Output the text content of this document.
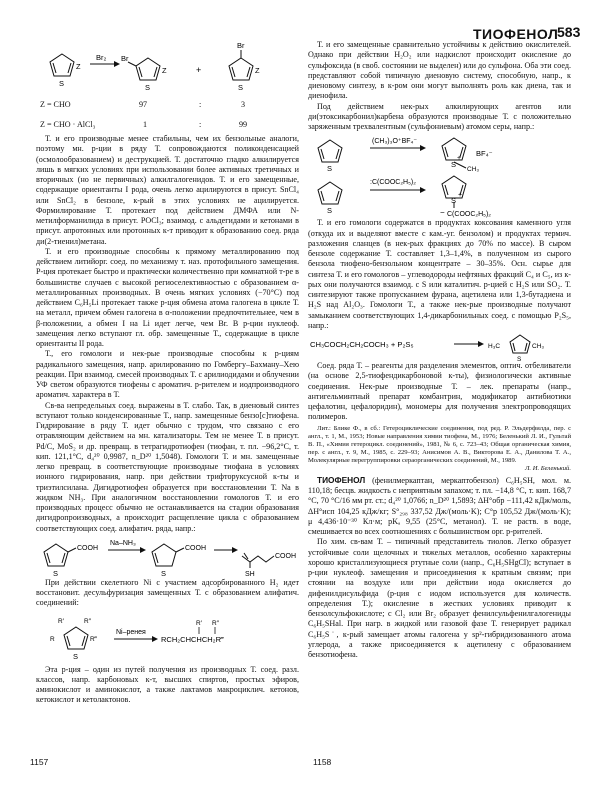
ТИОФЕНОЛ
583
S
Z
Br₂ Br
S
Z	+
Br
S
Z
Z = CHO	97	:	3
Z = CHO · AlCl₃	1	:	99

Т. и его производные менее стабильны, чем их бензольные аналоги, поэтому мн. р-ции в ряду Т. сопровождаются поликонденсацией (осмолообразованием) и деструкцией. Т. достаточно гладко алкилируется лишь в мягких условиях при использовании более активных третичных и вторичных (но не первичных) алкилгалогенидов. Т. и его замещенные, содержащие ориентанты I рода, очень легко ацилируются в присут. SnCl₄ или SnCl₂ в бензоле, к-рый в этих условиях не ацилируется. Формилирование Т. протекает под действием ДМФА или N-метилформанилида в присут. POCl₃; взаимод. с альдегидами и кетонами в присут. апротонных или протонных к-т приводит к образованию соед. ряда ди(2-тиенил)метана.

Т. и его производные способны к прямому металлированию под действием литийорг. соед. по механизму т. наз. протофильного замещения. Р-ция протекает быстро и практически количественно при комнатной т-ре в большинстве случаев с высокой региоселективностью с образованием α-металлированных производных. В очень мягких условиях (−70°C) под действием C₆H₅Li протекает также р-ция обмена атома галогена в цикле Т. на металл, причем обмен галогена в α-положении предпочтительнее, чем в β-положении, а обмен I на Li идет легче, чем Br. В р-ции нуклеоф. замещения легко вступают гл. обр. замещенные Т., содержащие в цикле ориентанты II рода.

Т., его гомологи и нек-рые производные способны к р-циям радикального замещения, напр. арилированию по Гомбергу–Бахману–Хею реакции. При взаимод. смесей производных Т. с арилиодидами и облучении УФ светом образуются тиофены с ароматич. р-рителем и иодпроизводного ароматич. характера в Т.

Св-ва непредельных соед. выражены в Т. слабо. Так, в диеновый синтез вступают только конденсированные Т., напр. замещенные бензо[c]тиофена. Гидрирование в ряду Т. идет обычно с трудом, что связано с его отравляющим действием на мн. катализаторы. Тем не менее Т. в присут. Pd/C, MoS₂ и др. превращ. в тетрагидротиофен (тиофан, т. пл. −96,2°C, т. кип. 121,1°C, d₄²⁰ 0,9987, n_D²⁰ 1,5048). Гомологи Т. и мн. замещенные легко превращ. в соответствующие производные тиофана в условиях ионного гидрирования, напр. при действии трифторуксусной к-ты и триэтилсилана. Дигидротиофен образуется при восстановлении Т. Na в жидком NH₃. При аналогичном восстановлении гомологов Т. и его производных процесс обычно не останавливается на стадии образования дигидропроизводных, а происходит расщепление цикла с образованием соответствующих соед. алифатич. ряда, напр.:

S
COOH
Na–NH₃
S
COOH
COOH
SH

При действии скелетного Ni с участием адсорбированного H₂ идет восстановит. десульфуризация замещенных Т. с образованием алифатич. соединений:

S
R
R′	R″
R‴
Ni–ренея
RCH₂CHCHCH₂R‴
R′ R″

Эта р-ция – один из путей получения из производных Т. соед. разл. классов, напр. карбоновых к-т, высших спиртов, простых эфиров, аминокислот и аминокислот, а также лактамов макроциклич. кетонов, кетокислот и кетолактонов.

Т. и его замещенные сравнительно устойчивы к действию окислителей. Однако при действии H₂O₂ или надкислот происходит окисление до сульфоксида (в своб. состоянии не выделен) или до сульфона. Оба эти соед. представляют собой типичную диеновую систему, способную, напр., к диеновому синтезу, в к-ром они могут выполнять роль как диена, так и диенофила.

Под действием нек-рых алкилирующих агентов или ди(этоксикарбонил)карбена образуются производные Т. с положительно заряженным трехвалентным (сульфониевым) атомом серы, напр.:

S
(CH₃)₃O⁺BF₄⁻
S
+
CH₃
BF₄⁻
S
:C(COOC₂H₅)₂
S
+
− C(COOC₂H₅)₂

Т. и его гомологи содержатся в продуктах коксования каменного угля (откуда их и выделяют вместе с кам.-уг. бензолом) и продуктах термич. разложения сланцев (в нек-рых фракциях до 70% по массе). В сыром бензоле содержание Т. составляет 1,3–1,4%, в полученном из сырого бензола тиофено-бензольном концентрате – 30–35%. Осн. сырье для синтеза Т. и его гомологов – углеводороды нефтяных фракций C₄ и C₅, из к-рых они получаются взаимод. с S или каталитич. р-цией с H₂S или SO₂. Т. синтезируют также пропусканием фурана, ацетилена или 1,3-бутадиена и H₂S над Al₂O₃. Гомологи Т., а также нек-рые производные получают замыканием соответствующих 1,4-дикарбонильных соед. с помощью P₂S₅, напр.:

CH₃COCH₂CH₂COCH₃ + P₂S₅
S
H₃C	CH₃

Соед. ряда Т. – реагенты для разделения элементов, оптич. отбеливатели (на основе 2,5-тиофендикарбоновой к-ты), физиологически активные соединения. Нек-рые производные Т. – лек. препараты (напр., антигельминтный препарат комбантрин, модификатор антибиотики цефалотин, цефалоридин), мономеры для получения электропроводящих полимеров.

Лит.: Блике Ф., в сб.: Гетероциклические соединения, под ред. Р. Эльдерфилда, пер. с англ., т. 1, М., 1953; Новые направления химии тиофена, М., 1976; Беленький Л. И., Гультай В. П., «Химия гетероцикл. соединений», 1981, № 6, с. 723–43; Общая органическая химия, пер. с англ., т. 9, М., 1985, с. 229–93; Анисимов А. В., Викторова Е. А., Данилова Т. А., Молекулярные перегруппировки сераорганических соединений, М., 1989.

Л. И. Беленький.

ТИОФЕНОЛ (фенилмеркаптан, меркаптобензол) C₆H₅SH, мол. м. 110,18; бесцв. жидкость с неприятным запахом; т. пл. −14,8 °C, т. кип. 168,7 °C, 70 °C/16 мм рт. ст.; d₄²⁰ 1,0766; n_D²⁰ 1,5893; ΔH°обр −111,42 кДж/моль, ΔH°исп 104,25 кДж/кг; S°₂₉₈ 337,52 Дж/(моль·K); C°p 105,52 Дж/(моль·K); μ 4,436·10⁻³⁰ Кл·м; pKₐ 9,55 (25°C, метанол). Т. не раств. в воде, смешивается во всех соотношениях с большинством орг. р-рителей.

По хим. св-вам Т. – типичный представитель тиолов. Легко образует устойчивые соли щелочных и тяжелых металлов, особенно характерны хорошо кристаллизующиеся ртутные соли (напр., C₆H₅SHgCl); вступает в р-ции нуклеоф. замещения и присоединения к кратным связям; при стоянии на воздухе или при действии иода окисляется до дифенилдисульфида (р-ция с иодом используется для количеств. определения Т.); окисление в жестких условиях приводит к бензолсульфокислоте; с Cl₂ или Br₂ образует фенилсульфенилгалогениды C₆H₅SHal. При нагр. в жидкой или газовой фазе Т. генерирует радикал C₆H₅S˙, к-рый замещает атомы галогена у sp²-гибридизованного атома углерода, а также присоединяется к ацетилену с образованием бензотиофена.

1157	1158
